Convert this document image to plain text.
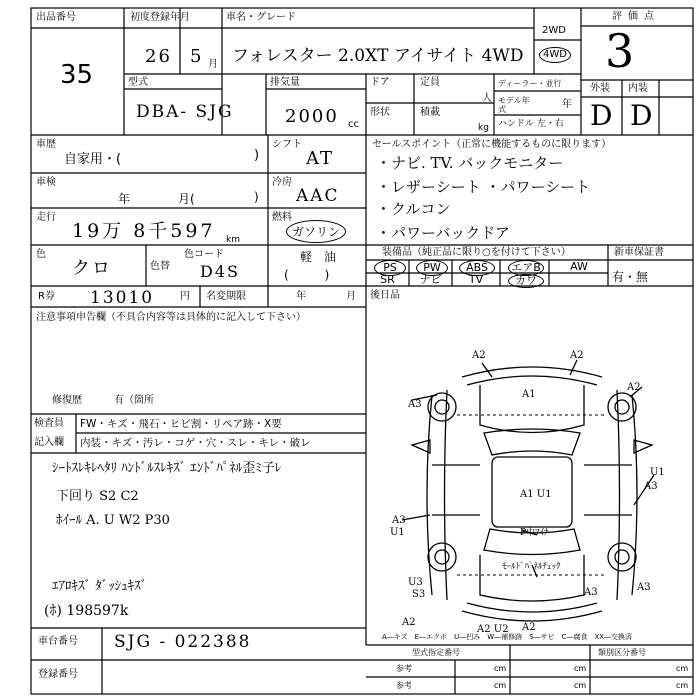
A2	A2
A1
A3
A2
A1 U1
U1
A3
A3
U1	P中ﾏｲﾅｰ
ﾓｰﾙﾄﾞﾊﾟﾈﾙﾁｪｯｸ
U3
S3
A2
A2 U2 A2
A3	A3
出品番号
35
初度登録年月
26 5 月
車名・グレード
フォレスター 2.0XT アイサイト 4WD
2WD
4WD
評価点
3
型式
DBA- SJG
排気量
2000 cc
ドア	定員
人
形状	積載
kg
ディーラー・並行
モデル年式	年
ハンドル 左・右
外装 内装
D D
車歴
自家用・(	)
シフト
AT
セールスポイント（正常に機能するものに限ります）
・ナビ. TV. バックモニター
・レザーシート ・パワーシート
・クルコン
・パワーバックドア
車検
年	月(	)
冷房
AAC
走行
19万 8千597 km
燃料
ガソリン
軽　油
(　　　)
装備品（純正品に限り○を付けて下さい）	新車保証書
有・無
PS	PW	ABS	エアB	AW
SR	ナビ	TV	カワ
後日品
色
クロ	色替
色コード
D4S
R券 13010	円 名変期限	年	月
注意事項申告欄（不具合内容等は具体的に記入して下さい）
修復歴	有（箇所
検査員
記入欄
FW・キズ・飛石・ヒビ割・リペア跡・X要
内装・キズ・汚レ・コゲ・穴・スレ・キレ・破レ
ｼｰﾄｽﾚｷﾚﾍﾀﾘ ﾊﾝﾄﾞﾙｽﾚｷｽﾞ ｴﾝﾄﾞﾊﾟﾈﾙ歪ﾐ子ﾚ
下回り S2 C2
ﾎｲｰﾙ A. U W2 P30
ｴｱﾛｷｽﾞ ﾀﾞｯｼｭｷｽﾞ
(ﾎ) 198597k
車台番号 SJG - 022388
登録番号
A―キズ　E―エクボ　U―凹み　W―補修跡　S―サビ　C―腐食　XX―交換済
型式指定番号	類別区分番号
参考	cm	cm	cm
参考	cm	cm	cm
